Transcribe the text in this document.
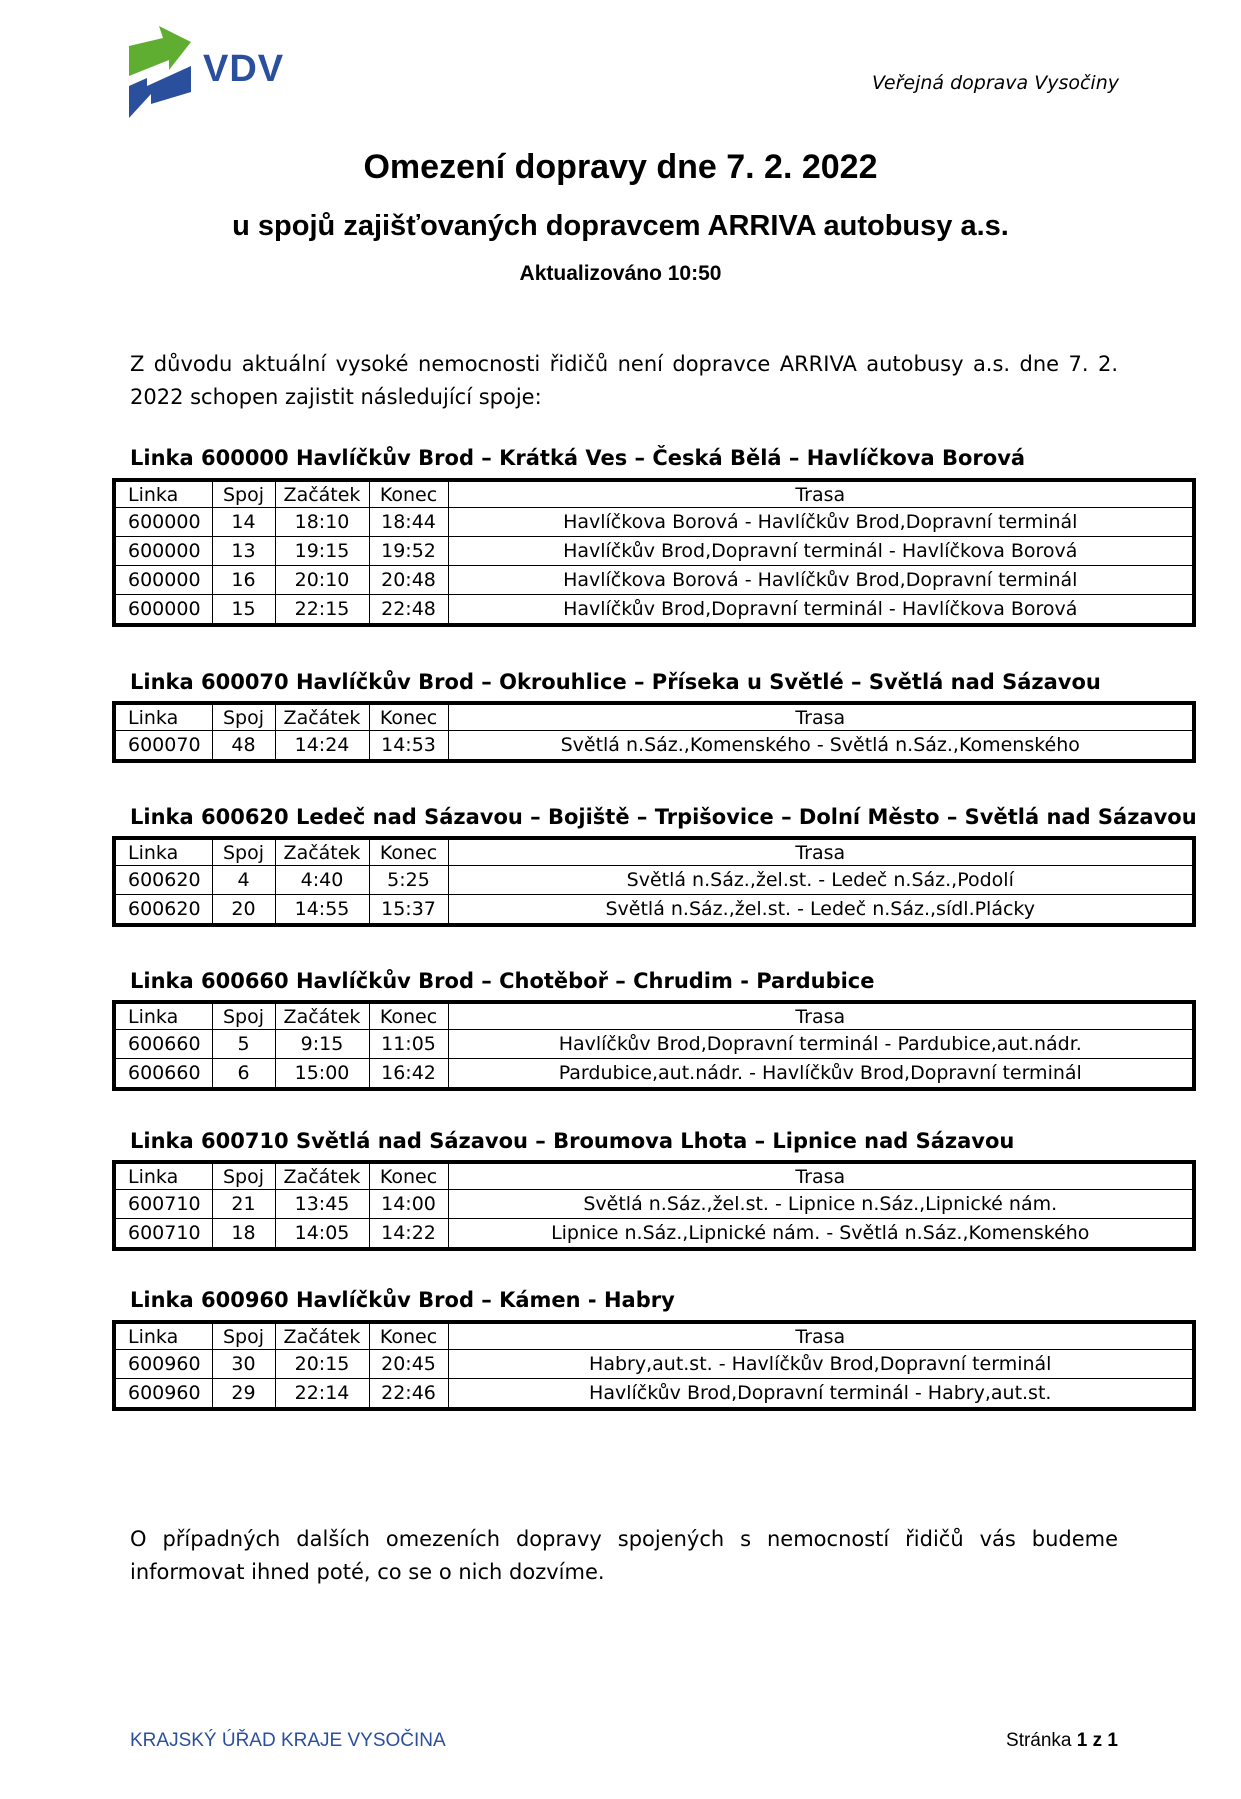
VDV	Veřejná doprava Vysočiny
Omezení dopravy dne 7. 2. 2022
u spojů zajišťovaných dopravcem ARRIVA autobusy a.s.
Aktualizováno 10:50
Z důvodu aktuální vysoké nemocnosti řidičů není dopravce ARRIVA autobusy a.s. dne 7. 2. 2022 schopen zajistit následující spoje:
Linka 600000 Havlíčkův Brod – Krátká Ves – Česká Bělá – Havlíčkova Borová
Linka	Spoj	Začátek	Konec	Trasa
600000	14	18:10	18:44	Havlíčkova Borová - Havlíčkův Brod,Dopravní terminál
600000	13	19:15	19:52	Havlíčkův Brod,Dopravní terminál - Havlíčkova Borová
600000	16	20:10	20:48	Havlíčkova Borová - Havlíčkův Brod,Dopravní terminál
600000	15	22:15	22:48	Havlíčkův Brod,Dopravní terminál - Havlíčkova Borová
Linka 600070 Havlíčkův Brod – Okrouhlice – Příseka u Světlé – Světlá nad Sázavou
Linka	Spoj	Začátek	Konec	Trasa
600070	48	14:24	14:53	Světlá n.Sáz.,Komenského - Světlá n.Sáz.,Komenského
Linka 600620 Ledeč nad Sázavou – Bojiště – Trpišovice – Dolní Město – Světlá nad Sázavou
Linka	Spoj	Začátek	Konec	Trasa
600620	4	4:40	5:25	Světlá n.Sáz.,žel.st. - Ledeč n.Sáz.,Podolí
600620	20	14:55	15:37	Světlá n.Sáz.,žel.st. - Ledeč n.Sáz.,sídl.Plácky
Linka 600660 Havlíčkův Brod – Chotěboř – Chrudim - Pardubice
Linka	Spoj	Začátek	Konec	Trasa
600660	5	9:15	11:05	Havlíčkův Brod,Dopravní terminál - Pardubice,aut.nádr.
600660	6	15:00	16:42	Pardubice,aut.nádr. - Havlíčkův Brod,Dopravní terminál
Linka 600710 Světlá nad Sázavou – Broumova Lhota – Lipnice nad Sázavou
Linka	Spoj	Začátek	Konec	Trasa
600710	21	13:45	14:00	Světlá n.Sáz.,žel.st. - Lipnice n.Sáz.,Lipnické nám.
600710	18	14:05	14:22	Lipnice n.Sáz.,Lipnické nám. - Světlá n.Sáz.,Komenského
Linka 600960 Havlíčkův Brod – Kámen - Habry
Linka	Spoj	Začátek	Konec	Trasa
600960	30	20:15	20:45	Habry,aut.st. - Havlíčkův Brod,Dopravní terminál
600960	29	22:14	22:46	Havlíčkův Brod,Dopravní terminál - Habry,aut.st.
O případných dalších omezeních dopravy spojených s nemocností řidičů vás budeme informovat ihned poté, co se o nich dozvíme.
KRAJSKÝ ÚŘAD KRAJE VYSOČINA	Stránka 1 z 1
